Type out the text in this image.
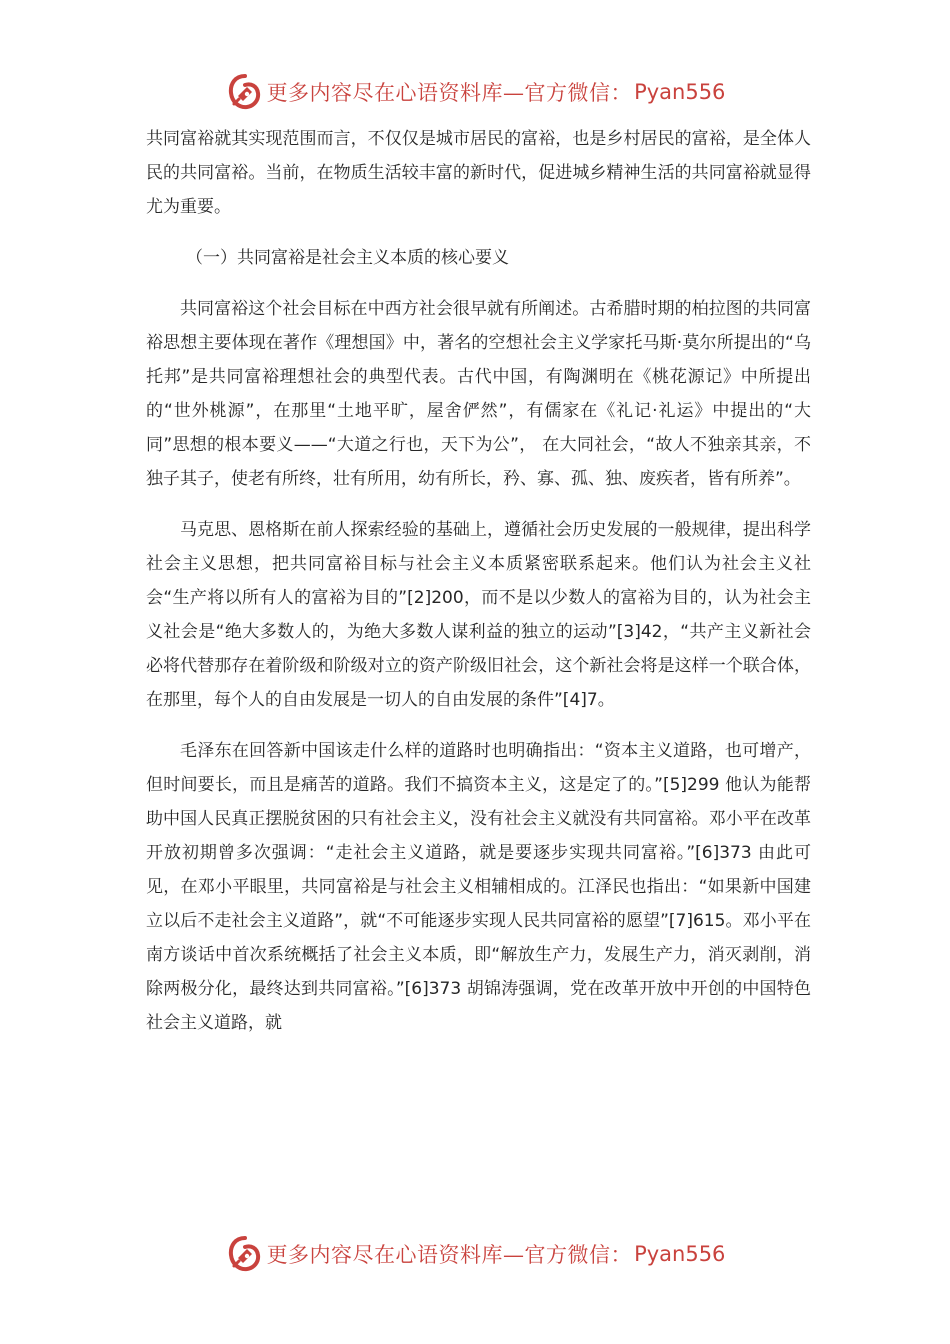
更多内容尽在心语资料库—官方微信： Pyan556

共同富裕就其实现范围而言，不仅仅是城市居民的富裕，也是乡村居民的富裕，是全体人民的共同富裕。当前，在物质生活较丰富的新时代，促进城乡精神生活的共同富裕就显得尤为重要。

（一）共同富裕是社会主义本质的核心要义

共同富裕这个社会目标在中西方社会很早就有所阐述。古希腊时期的柏拉图的共同富裕思想主要体现在著作《理想国》中，著名的空想社会主义学家托马斯·莫尔所提出的“乌托邦”是共同富裕理想社会的典型代表。古代中国，有陶渊明在《桃花源记》中所提出的“世外桃源”，在那里“土地平旷，屋舍俨然”，有儒家在《礼记·礼运》中提出的“大同”思想的根本要义——“大道之行也，天下为公”， 在大同社会，“故人不独亲其亲，不独子其子，使老有所终，壮有所用，幼有所长，矜、寡、孤、独、废疾者，皆有所养”。

马克思、恩格斯在前人探索经验的基础上，遵循社会历史发展的一般规律，提出科学社会主义思想，把共同富裕目标与社会主义本质紧密联系起来。他们认为社会主义社会“生产将以所有人的富裕为目的”[2]200，而不是以少数人的富裕为目的，认为社会主义社会是“绝大多数人的，为绝大多数人谋利益的独立的运动”[3]42，“共产主义新社会必将代替那存在着阶级和阶级对立的资产阶级旧社会，这个新社会将是这样一个联合体，在那里，每个人的自由发展是一切人的自由发展的条件”[4]7。

毛泽东在回答新中国该走什么样的道路时也明确指出：“资本主义道路，也可增产，但时间要长，而且是痛苦的道路。我们不搞资本主义，这是定了的。”[5]299 他认为能帮助中国人民真正摆脱贫困的只有社会主义，没有社会主义就没有共同富裕。邓小平在改革开放初期曾多次强调：“走社会主义道路，就是要逐步实现共同富裕。”[6]373 由此可见，在邓小平眼里，共同富裕是与社会主义相辅相成的。江泽民也指出：“如果新中国建立以后不走社会主义道路”，就“不可能逐步实现人民共同富裕的愿望”[7]615。邓小平在南方谈话中首次系统概括了社会主义本质，即“解放生产力，发展生产力，消灭剥削，消除两极分化，最终达到共同富裕。”[6]373 胡锦涛强调，党在改革开放中开创的中国特色社会主义道路，就

更多内容尽在心语资料库—官方微信： Pyan556
